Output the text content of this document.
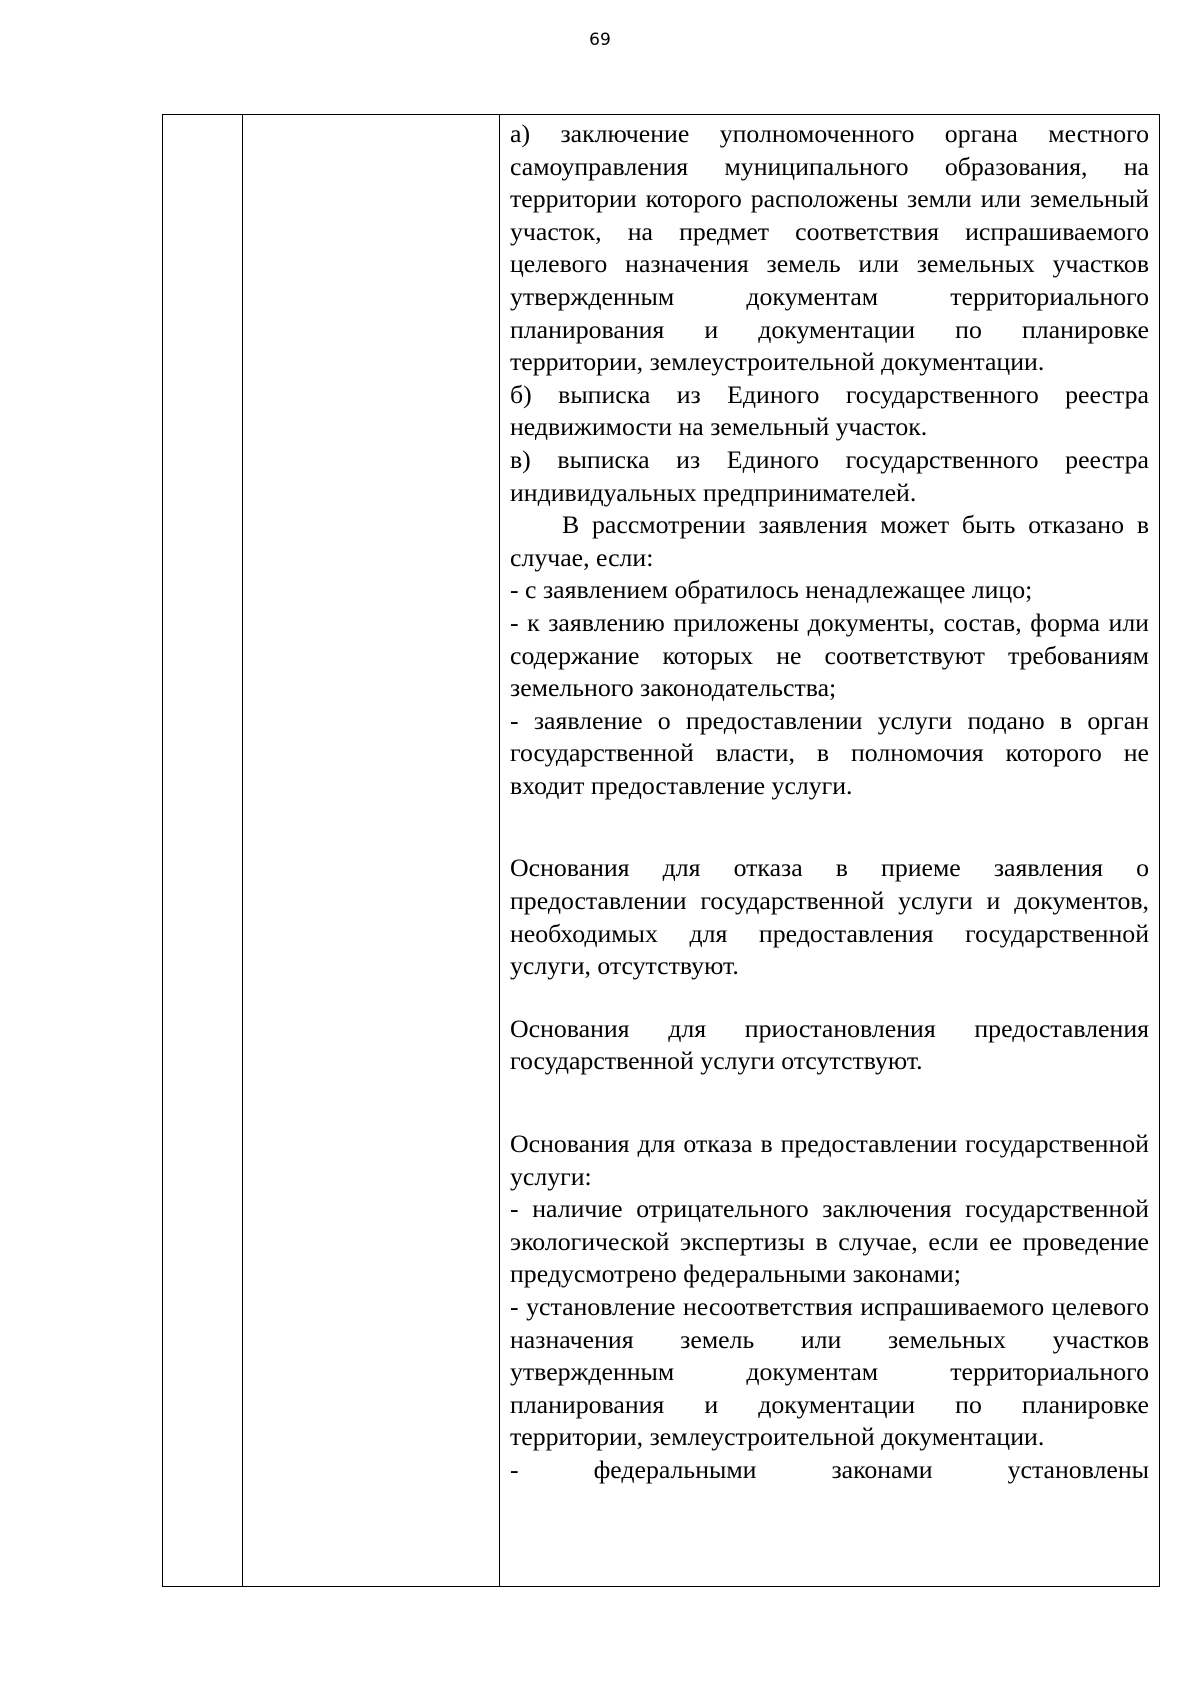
69

а) заключение уполномоченного органа местного самоуправления муниципального образования, на территории которого расположены земли или земельный участок, на предмет соответствия испрашиваемого целевого назначения земель или земельных участков утвержденным документам территориального планирования и документации по планировке территории, землеустроительной документации.

б) выписка из Единого государственного реестра недвижимости на земельный участок.

в) выписка из Единого государственного реестра индивидуальных предпринимателей.

В рассмотрении заявления может быть отказано в случае, если:

- с заявлением обратилось ненадлежащее лицо;

- к заявлению приложены документы, состав, форма или содержание которых не соответствуют требованиям земельного законодательства;

- заявление о предоставлении услуги подано в орган государственной власти, в полномочия которого не входит предоставление услуги.

Основания для отказа в приеме заявления о предоставлении государственной услуги и документов, необходимых для предоставления государственной услуги, отсутствуют.

Основания для приостановления предоставления государственной услуги отсутствуют.

Основания для отказа в предоставлении государственной услуги:

- наличие отрицательного заключения государственной экологической экспертизы в случае, если ее проведение предусмотрено федеральными законами;

- установление несоответствия испрашиваемого целевого назначения земель или земельных участков утвержденным документам территориального планирования и документации по планировке территории, землеустроительной документации.

- федеральными законами установлены
